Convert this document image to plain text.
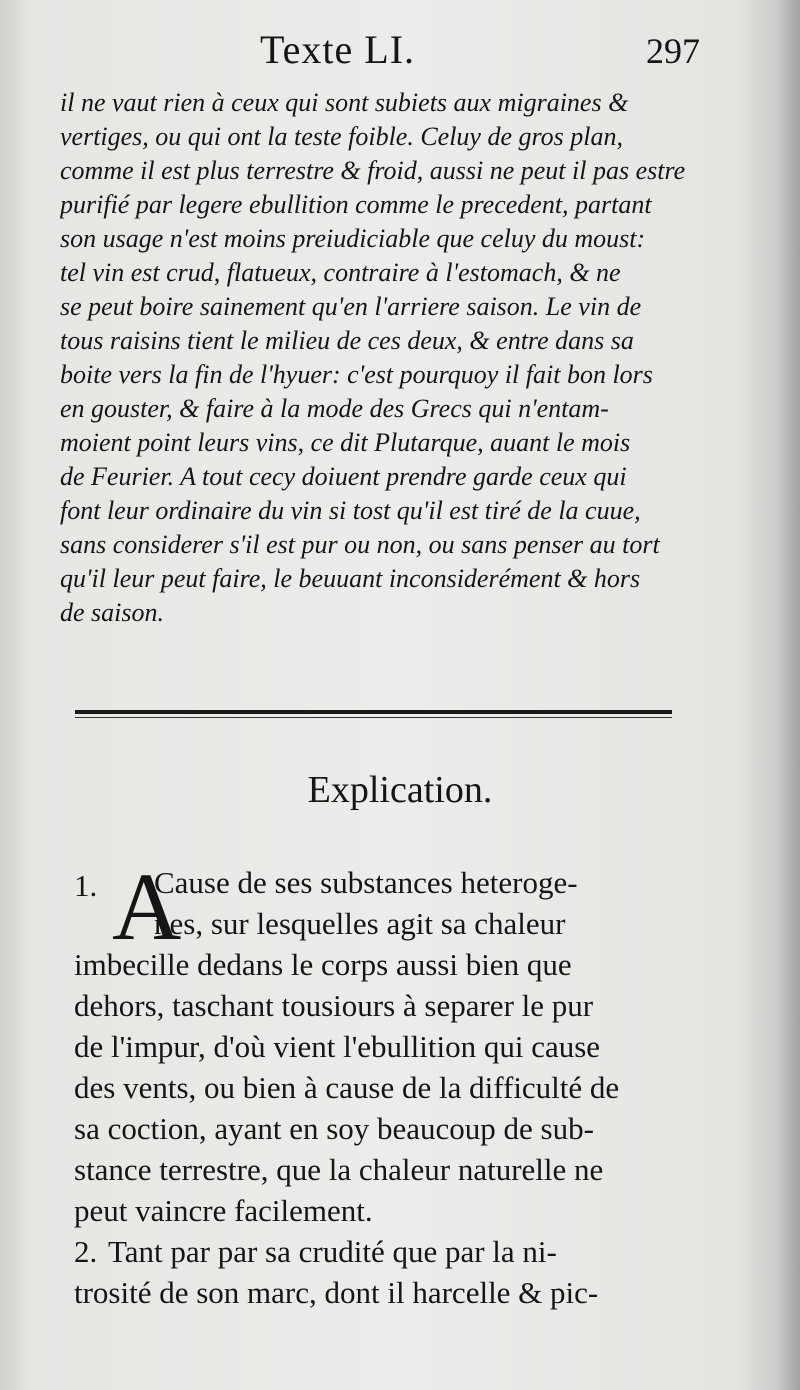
Texte LI.	297
il ne vaut rien à ceux qui sont subiets aux migraines &
vertiges, ou qui ont la teste foible. Celuy de gros plan,
comme il est plus terrestre & froid, aussi ne peut il pas estre
purifié par legere ebullition comme le precedent, partant
son usage n'est moins preiudiciable que celuy du moust:
tel vin est crud, flatueux, contraire à l'estomach, & ne
se peut boire sainement qu'en l'arriere saison. Le vin de
tous raisins tient le milieu de ces deux, & entre dans sa
boite vers la fin de l'hyuer: c'est pourquoy il fait bon lors
en gouster, & faire à la mode des Grecs qui n'entam-
moient point leurs vins, ce dit Plutarque, auant le mois
de Feurier. A tout cecy doiuent prendre garde ceux qui
font leur ordinaire du vin si tost qu'il est tiré de la cuue,
sans considerer s'il est pur ou non, ou sans penser au tort
qu'il leur peut faire, le beuuant inconsiderément & hors
de saison.
Explication.
1. A
Cause de ses substances heteroge-
nes, sur lesquelles agit sa chaleur
imbecille dedans le corps aussi bien que
dehors, taschant tousiours à separer le pur
de l'impur, d'où vient l'ebullition qui cause
des vents, ou bien à cause de la difficulté de
sa coction, ayant en soy beaucoup de sub-
stance terrestre, que la chaleur naturelle ne
peut vaincre facilement.
2. Tant par par sa crudité que par la ni-
trosité de son marc, dont il harcelle & pic-
